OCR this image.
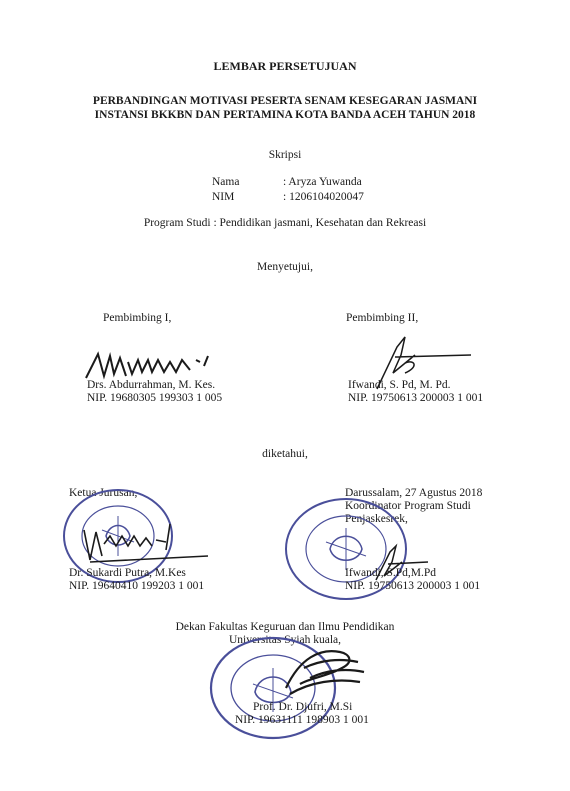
LEMBAR PERSETUJUAN
PERBANDINGAN MOTIVASI PESERTA SENAM KESEGARAN JASMANI
INSTANSI BKKBN DAN PERTAMINA KOTA BANDA ACEH TAHUN 2018
Skripsi
Nama	: Aryza Yuwanda
NIM	: 1206104020047
Program Studi : Pendidikan jasmani, Kesehatan dan Rekreasi
Menyetujui,
Pembimbing I,	Pembimbing II,
Drs. Abdurrahman, M. Kes.
NIP. 19680305 199303 1 005
Ifwandi, S. Pd, M. Pd.
NIP. 19750613 200003 1 001
diketahui,
Ketua Jurusan,	Darussalam, 27 Agustus 2018
Koordinator Program Studi
Penjaskesrek,
Dr. Sukardi Putra, M.Kes
NIP. 19640410 199203 1 001
Ifwandi, S.Pd,M.Pd
NIP. 19750613 200003 1 001
Dekan Fakultas Keguruan dan Ilmu Pendidikan
Universitas Syiah kuala,
Prof. Dr. Djufri, M.Si
NIP. 19631111 198903 1 001
